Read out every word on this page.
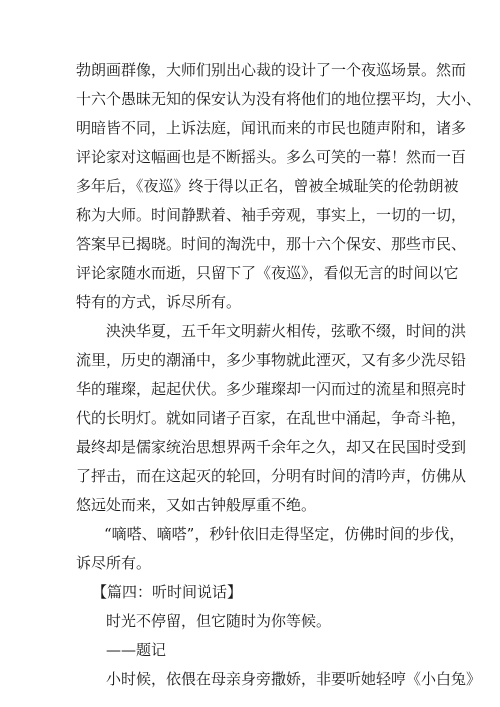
勃朗画群像，大师们别出心裁的设计了一个夜巡场景。然而
十六个愚昧无知的保安认为没有将他们的地位摆平均，大小、
明暗皆不同，上诉法庭，闻讯而来的市民也随声附和，诸多
评论家对这幅画也是不断摇头。多么可笑的一幕！然而一百
多年后，《夜巡》终于得以正名，曾被全城耻笑的伦勃朗被
称为大师。时间静默着、袖手旁观，事实上，一切的一切，
答案早已揭晓。时间的淘洗中，那十六个保安、那些市民、
评论家随水而逝，只留下了《夜巡》，看似无言的时间以它
特有的方式，诉尽所有。
泱泱华夏，五千年文明薪火相传，弦歌不缀，时间的洪
流里，历史的潮涌中，多少事物就此湮灭，又有多少洗尽铅
华的璀璨，起起伏伏。多少璀璨却一闪而过的流星和照亮时
代的长明灯。就如同诸子百家，在乱世中涌起，争奇斗艳，
最终却是儒家统治思想界两千余年之久，却又在民国时受到
了抨击，而在这起灭的轮回，分明有时间的清吟声，仿佛从
悠远处而来，又如古钟般厚重不绝。
“嘀嗒、嘀嗒”，秒针依旧走得坚定，仿佛时间的步伐，
诉尽所有。
【篇四：听时间说话】
时光不停留，但它随时为你等候。
——题记
小时候，依偎在母亲身旁撒娇，非要听她轻哼《小白兔》
